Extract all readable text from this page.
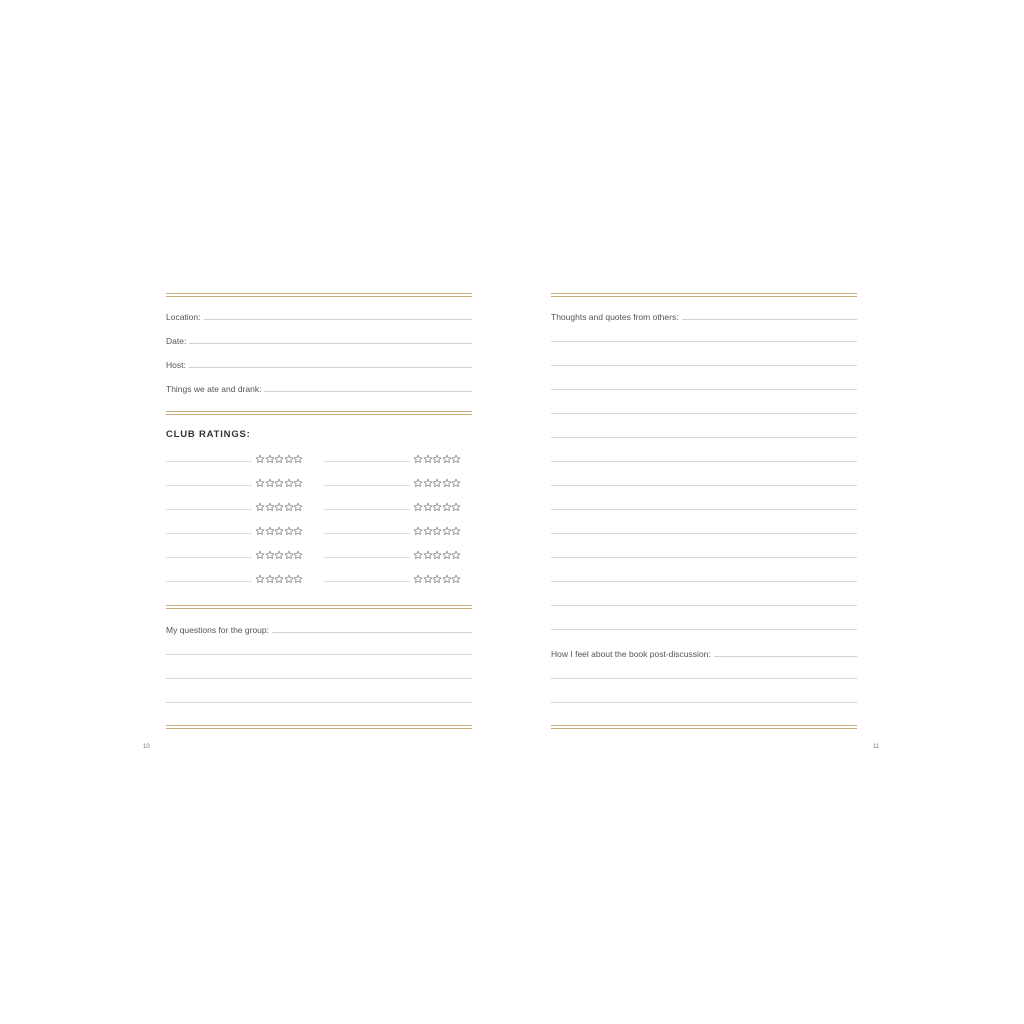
Location:
Date:
Host:
Things we ate and drank:
CLUB RATINGS:
My questions for the group:
Thoughts and quotes from others:
How I feel about the book post-discussion:
10	11
